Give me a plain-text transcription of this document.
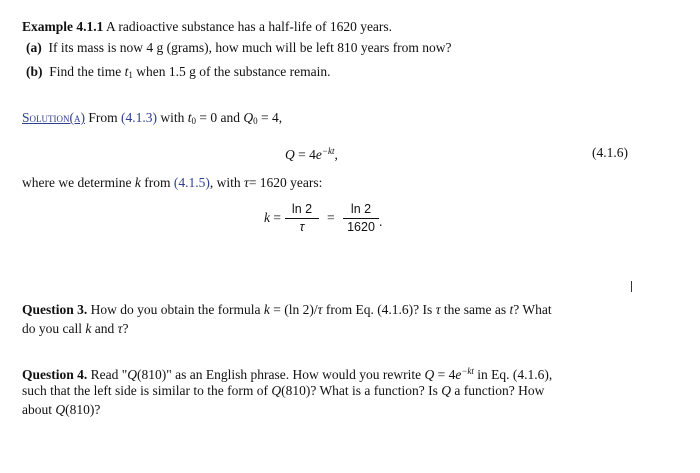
Example 4.1.1 A radioactive substance has a half-life of 1620 years.
(a) If its mass is now 4 g (grams), how much will be left 810 years from now?
(b) Find the time $t_1$ when 1.5 g of the substance remain.
Solution(a) From (4.1.3) with $t_0 = 0$ and $Q_0 = 4$,
$Q = 4e^{-kt}$,	(4.1.6)
where we determine k from (4.1.5), with τ= 1620 years:
k =
ln 2
τ
=
ln 2
1620 .
Question 3. How do you obtain the formula k = (ln 2)/τ from Eq. (4.1.6)? Is τ the same as t? What
do you call k and τ?
Question 4. Read "Q(810)" as an English phrase. How would you rewrite $Q = 4e^{-kt}$ in Eq. (4.1.6),
such that the left side is similar to the form of Q(810)? What is a function? Is Q a function? How
about Q(810)?
